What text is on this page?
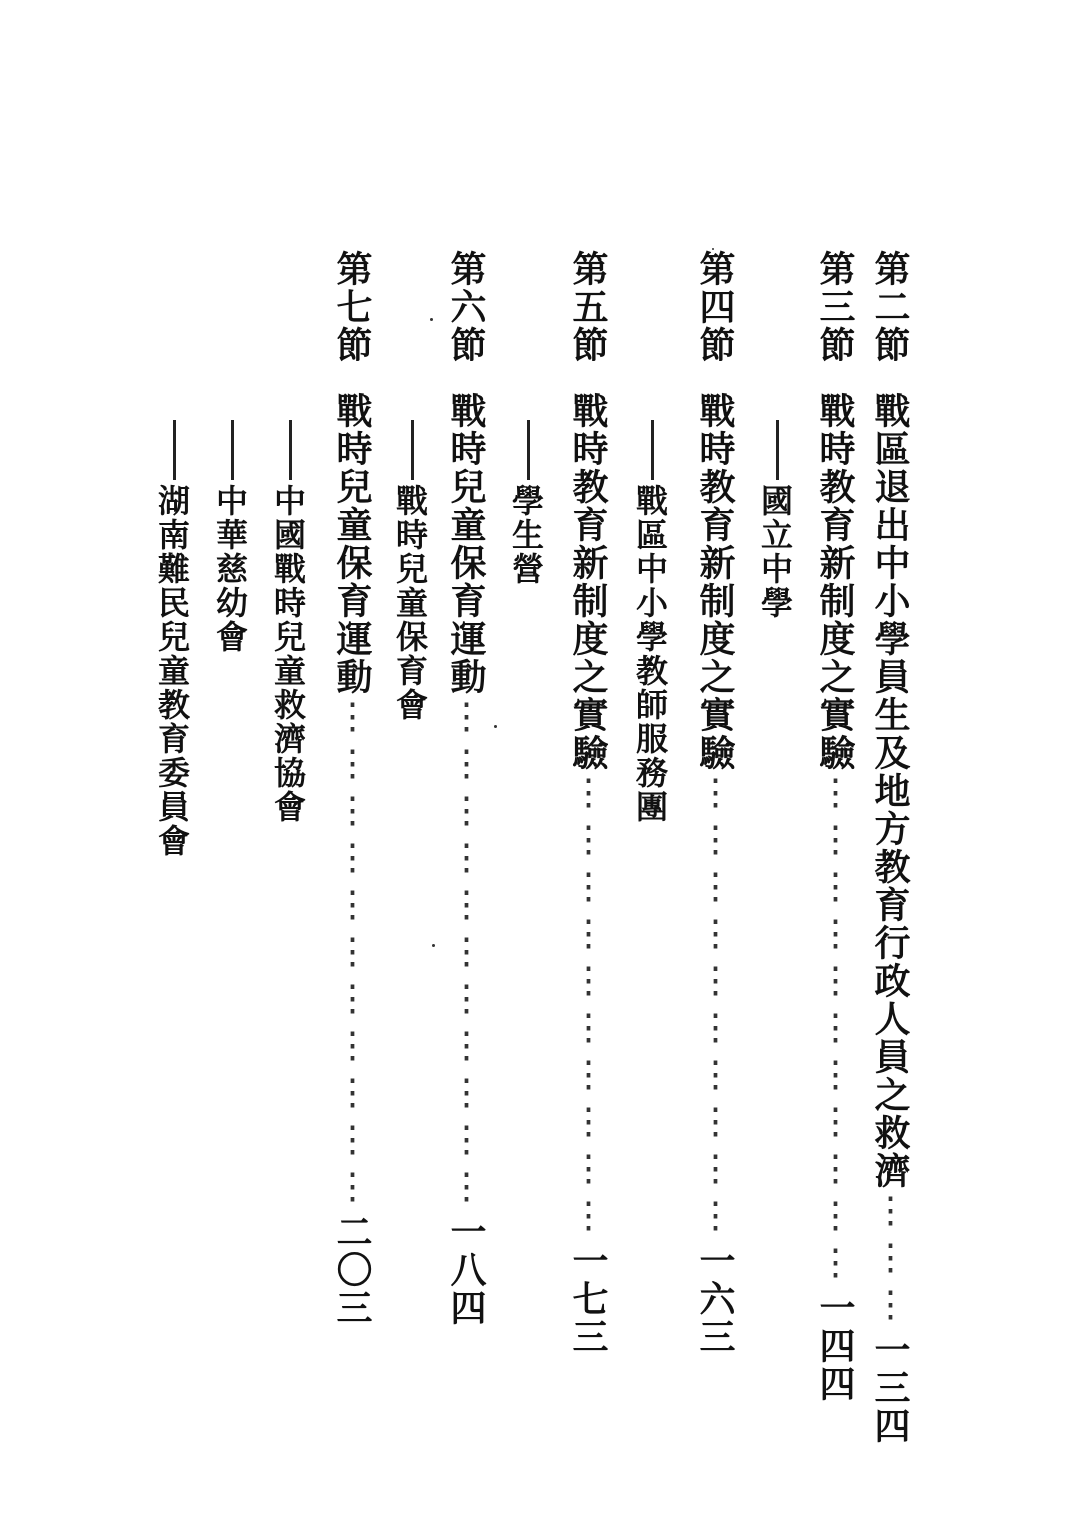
第二節戰區退出中小學員生及地方教育行政人員之救濟⋮⋮⋮一三四
第三節戰時教育新制度之實驗⋮⋮⋮⋮⋮⋮⋮⋮⋮⋮⋮一四四
國立中學
第四節戰時教育新制度之實驗⋮⋮⋮⋮⋮⋮⋮⋮⋮⋮一六三
戰區中小學教師服務團
第五節戰時教育新制度之實驗⋮⋮⋮⋮⋮⋮⋮⋮⋮⋮一七三
學生營
第六節戰時兒童保育運動⋮⋮⋮⋮⋮⋮⋮⋮⋮⋮⋮一八四
戰時兒童保育會
第七節戰時兒童保育運動⋮⋮⋮⋮⋮⋮⋮⋮⋮⋮⋮二〇三
中國戰時兒童救濟協會
中華慈幼會
湖南難民兒童教育委員會
